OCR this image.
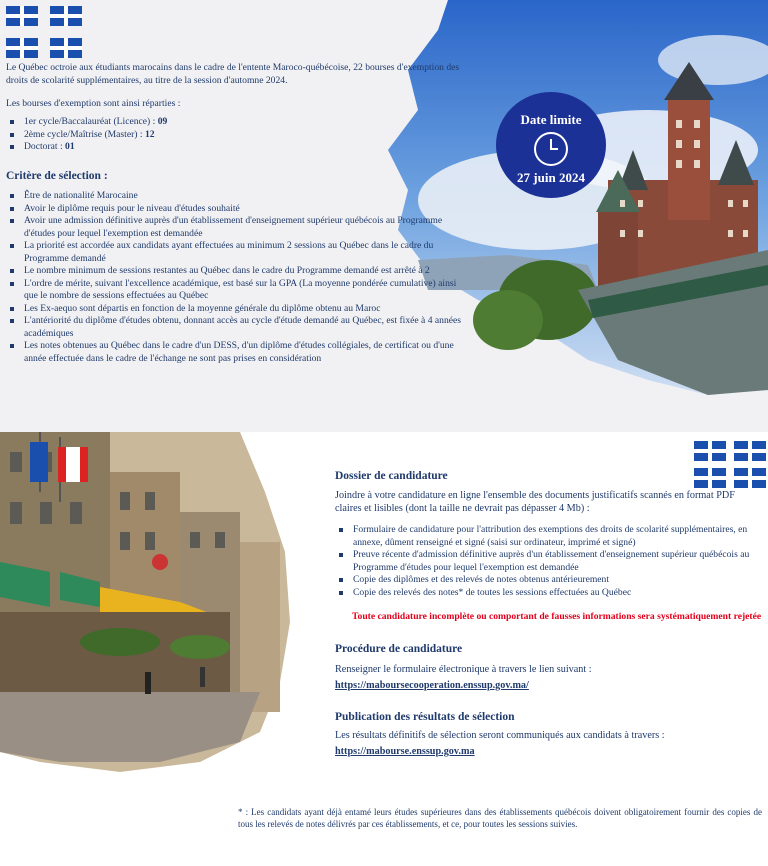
Date limite
27 juin 2024
Le Québec octroie aux étudiants marocains dans le cadre de l'entente Maroco-québécoise, 22 bourses d'exemption des droits de scolarité supplémentaires, au titre de la session d'automne 2024.
Les bourses d'exemption sont ainsi réparties :
1er cycle/Baccalauréat (Licence) : 09
2ème cycle/Maîtrise (Master) : 12
Doctorat : 01
Critère de sélection :
Être de nationalité Marocaine
Avoir le diplôme requis pour le niveau d'études souhaité
Avoir une admission définitive auprès d'un établissement d'enseignement supérieur québécois au Programme d'études pour lequel l'exemption est demandée
La priorité est accordée aux candidats ayant effectuées au minimum 2 sessions au Québec dans le cadre du Programme demandé
Le nombre minimum de sessions restantes au Québec dans le cadre du Programme demandé est arrêté à 2
L'ordre de mérite, suivant l'excellence académique, est basé sur la GPA (La moyenne pondérée cumulative) ainsi que le nombre de sessions effectuées au Québec
Les Ex-aequo sont départis en fonction de la moyenne générale du diplôme obtenu au Maroc
L'antériorité du diplôme d'études obtenu, donnant accès au cycle d'étude demandé au Québec, est fixée à 4 années académiques
Les notes obtenues au Québec dans le cadre d'un DESS, d'un diplôme d'études collégiales, de certificat ou d'une année effectuée dans le cadre de l'échange ne sont pas prises en considération
Dossier de candidature
Joindre à votre candidature en ligne l'ensemble des documents justificatifs scannés en format PDF claires et lisibles (dont la taille ne devrait pas dépasser 4 Mb) :
Formulaire de candidature pour l'attribution des exemptions des droits de scolarité supplémentaires, en annexe, dûment renseigné et signé (saisi sur ordinateur, imprimé et signé)
Preuve récente d'admission définitive auprès d'un établissement d'enseignement supérieur québécois au Programme d'études pour lequel l'exemption est demandée
Copie des diplômes et des relevés de notes obtenus antérieurement
Copie des relevés des notes* de toutes les sessions effectuées au Québec
Toute candidature incomplète ou comportant de fausses informations sera systématiquement rejetée
Procédure de candidature
Renseigner le formulaire électronique à travers le lien suivant :
https://mabourse​cooperation.enssup.gov.ma/
Publication des résultats de sélection
Les résultats définitifs de sélection seront communiqués aux candidats à travers :
https://mabourse.enssup.gov.ma
* : Les candidats ayant déjà entamé leurs études supérieures dans des établissements québécois doivent obligatoirement fournir des copies de tous les relevés de notes délivrés par ces établissements, et ce, pour toutes les sessions suivies.
